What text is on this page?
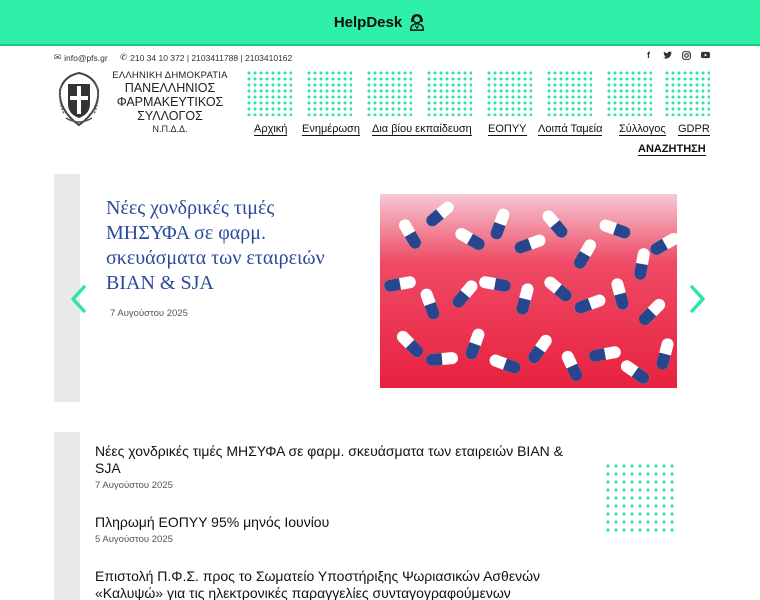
HelpDesk
✉ info@pfs.gr ✆ 210 34 10 372 | 2103411788 | 2103410162	f
ΕΛΛΗΝΙΚΗ ΔΗΜΟΚΡΑΤΙΑ
ΠΑΝΕΛΛΗΝΙΟΣ
ΦΑΡΜΑΚΕΥΤΙΚΟΣ
ΣΥΛΛΟΓΟΣ
Ν.Π.Δ.Δ.	Αρχική Ενημέρωση Δια βίου εκπαίδευση ΕΟΠΥΥ Λοιπά Ταμεία Σύλλογος GDPR
ΑΝΑΖΗΤΗΣΗ
Νέες χονδρικές τιμές ΜΗΣΥΦΑ σε φαρμ. σκευάσματα των εταιρειών ΒΙΑΝ & SJA
7 Αυγούστου 2025
Νέες χονδρικές τιμές ΜΗΣΥΦΑ σε φαρμ. σκευάσματα των εταιρειών ΒΙΑΝ & SJA
7 Αυγούστου 2025
Πληρωμή ΕΟΠΥΥ 95% μηνός Ιουνίου
5 Αυγούστου 2025
Επιστολή Π.Φ.Σ. προς το Σωματείο Υποστήριξης Ψωριασικών Ασθενών «Καλυψώ» για τις ηλεκτρονικές παραγγελίες συνταγογραφούμενων
